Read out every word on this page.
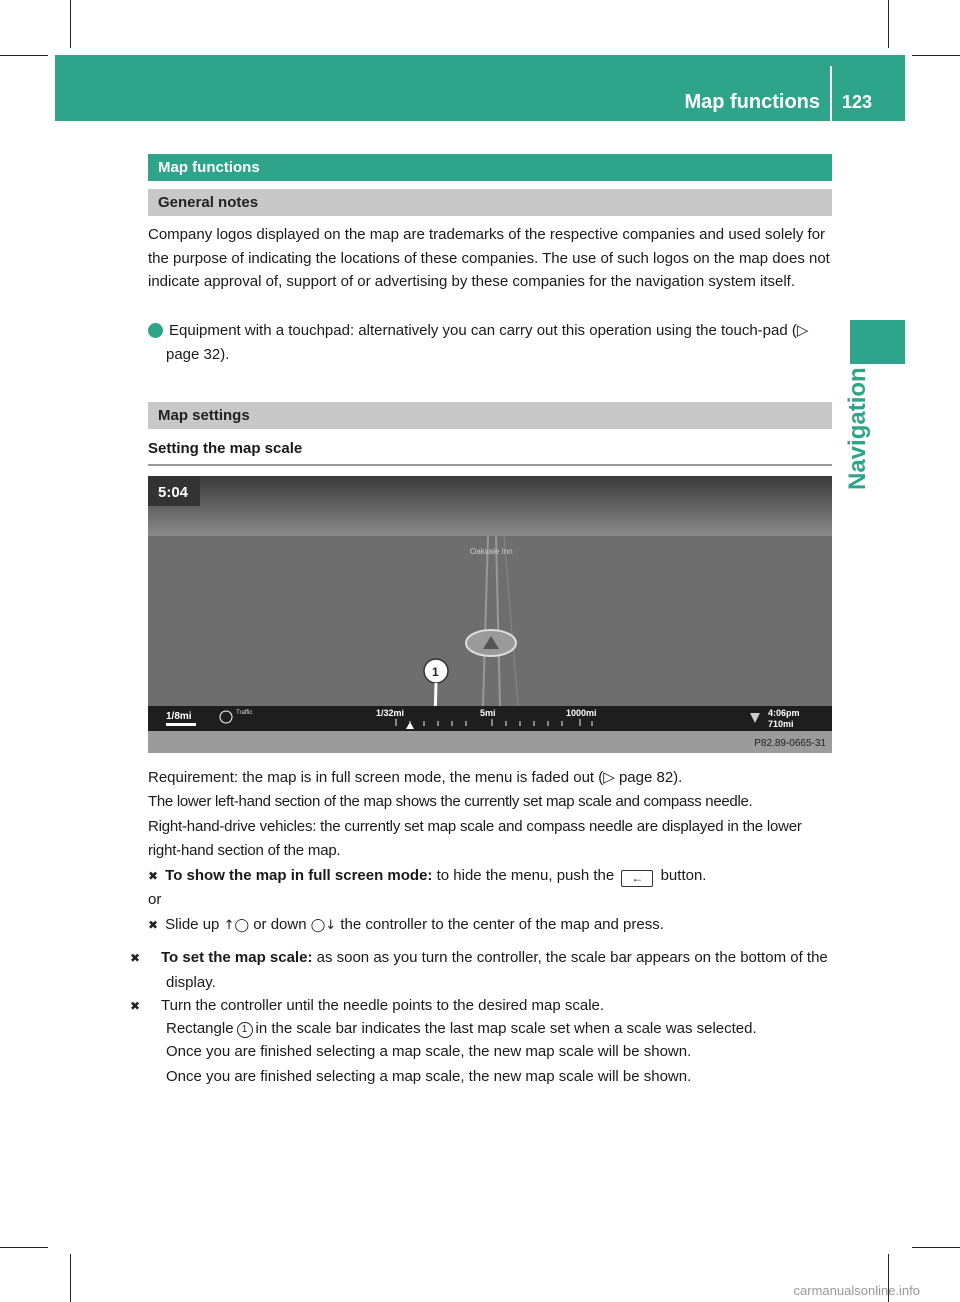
Map functions 123
Navigation
Map functions
General notes

Company logos displayed on the map are trademarks of the respective companies and used solely for the purpose of indicating the locations of these companies. The use of such logos on the map does not indicate approval of, support of or advertising by these companies for the navigation system itself.

i Equipment with a touchpad: alternatively you can carry out this operation using the touch-pad (▷ page 32).

Map settings
Setting the map scale
5:04
Oakvale Inn
1
1/8mi	Traffic	1/32mi	5mi	1000mi	4:06pm
710mi
P82.89-0665-31
Requirement: the map is in full screen mode, the menu is faded out (▷ page 82).
The lower left-hand section of the map shows the currently set map scale and compass needle.
Right-hand-drive vehicles: the currently set map scale and compass needle are displayed in the lower right-hand section of the map.
✖ To show the map in full screen mode: to hide the menu, push the ← button.
or
✖ Slide up ↑◯ or down ◯↓ the controller to the center of the map and press.
✖ To set the map scale: as soon as you turn the controller, the scale bar appears on the bottom of the display.
✖ Turn the controller until the needle points to the desired map scale.
Rectangle 1 in the scale bar indicates the last map scale set when a scale was selected.
Once you are finished selecting a map scale, the new map scale will be shown.
Once you are finished selecting a map scale, the new map scale will be shown.
carmanualsonline.info
